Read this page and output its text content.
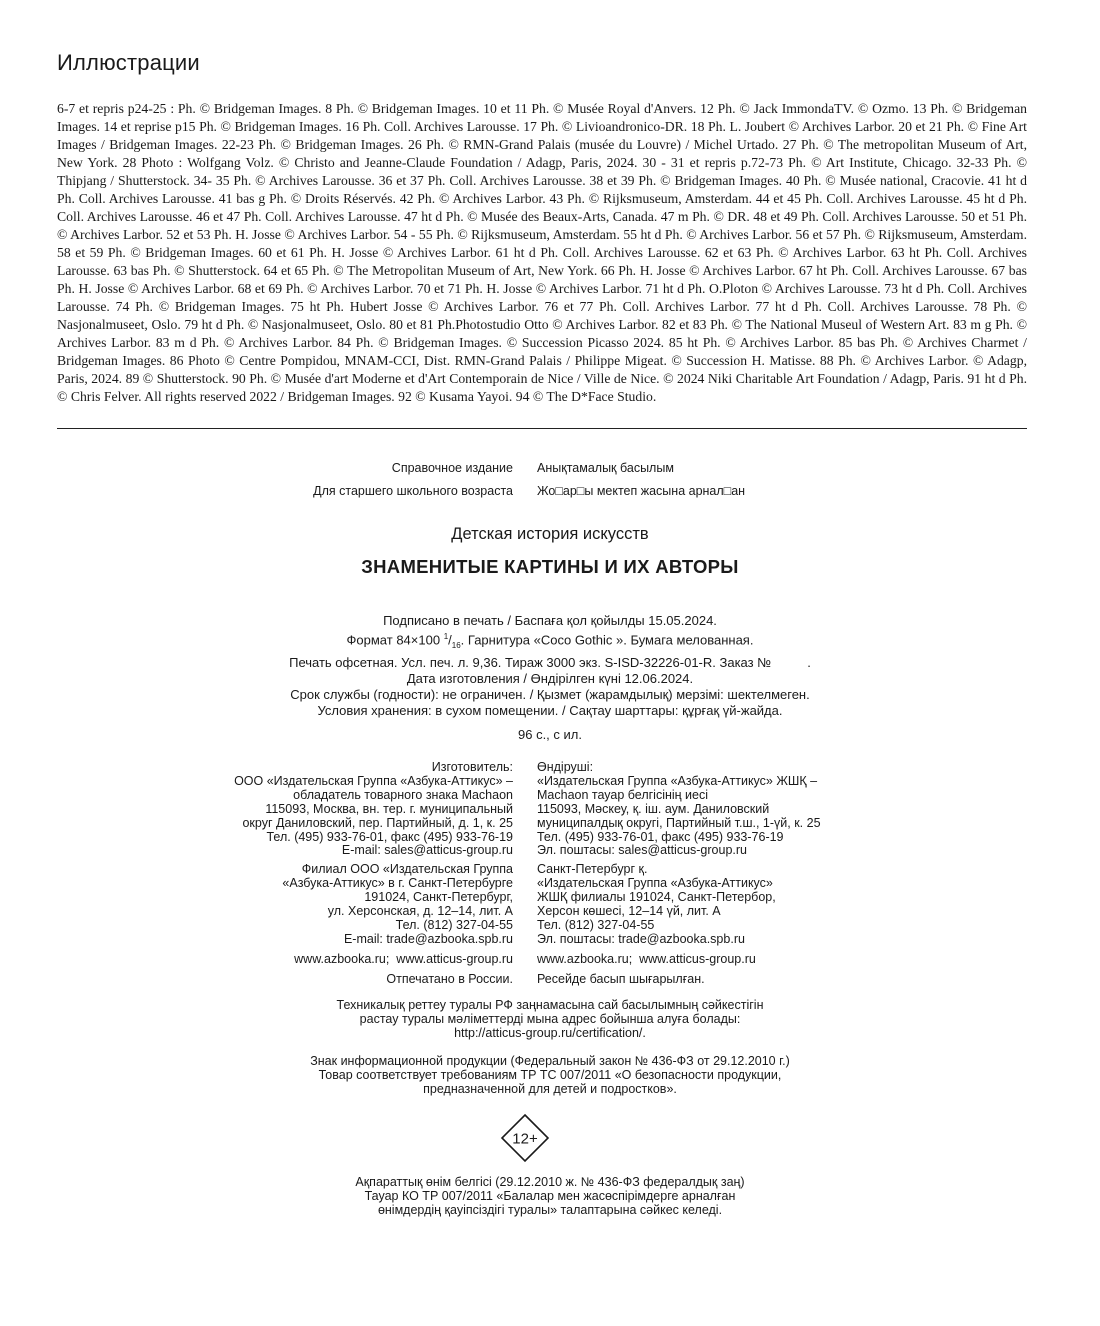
Иллюстрации
6-7 et repris p24-25 : Ph. © Bridgeman Images. 8 Ph. © Bridgeman Images. 10 et 11 Ph. © Musée Royal d'Anvers. 12 Ph. © Jack ImmondaTV. © Ozmo. 13 Ph. © Bridgeman Images. 14 et reprise p15 Ph. © Bridgeman Images. 16 Ph. Coll. Archives Larousse. 17 Ph. © Livioandronico-DR. 18 Ph. L. Joubert © Archives Larbor. 20 et 21 Ph. © Fine Art Images / Bridgeman Images. 22-23 Ph. © Bridgeman Images. 26 Ph. © RMN-Grand Palais (musée du Louvre) / Michel Urtado. 27 Ph. © The metropolitan Museum of Art, New York. 28 Photo : Wolfgang Volz. © Christo and Jeanne-Claude Foundation / Adagp, Paris, 2024. 30 - 31 et repris p.72-73 Ph. © Art Institute, Chicago. 32-33 Ph. © Thipjang / Shutterstock. 34- 35 Ph. © Archives Larousse. 36 et 37 Ph. Coll. Archives Larousse. 38 et 39 Ph. © Bridgeman Images. 40 Ph. © Musée national, Cracovie. 41 ht d Ph. Coll. Archives Larousse. 41 bas g Ph. © Droits Réservés. 42 Ph. © Archives Larbor. 43 Ph. © Rijksmuseum, Amsterdam. 44 et 45 Ph. Coll. Archives Larousse. 45 ht d Ph. Coll. Archives Larousse. 46 et 47 Ph. Coll. Archives Larousse. 47 ht d Ph. © Musée des Beaux-Arts, Canada. 47 m Ph. © DR. 48 et 49 Ph. Coll. Archives Larousse. 50 et 51 Ph. © Archives Larbor. 52 et 53 Ph. H. Josse © Archives Larbor. 54 - 55 Ph. © Rijksmuseum, Amsterdam. 55 ht d Ph. © Archives Larbor. 56 et 57 Ph. © Rijksmuseum, Amsterdam. 58 et 59 Ph. © Bridgeman Images. 60 et 61 Ph. H. Josse © Archives Larbor. 61 ht d Ph. Coll. Archives Larousse. 62 et 63 Ph. © Archives Larbor. 63 ht Ph. Coll. Archives Larousse. 63 bas Ph. © Shutterstock. 64 et 65 Ph. © The Metropolitan Museum of Art, New York. 66 Ph. H. Josse © Archives Larbor. 67 ht Ph. Coll. Archives Larousse. 67 bas Ph. H. Josse © Archives Larbor. 68 et 69 Ph. © Archives Larbor. 70 et 71 Ph. H. Josse © Archives Larbor. 71 ht d Ph. O.Ploton © Archives Larousse. 73 ht d Ph. Coll. Archives Larousse. 74 Ph. © Bridgeman Images. 75 ht Ph. Hubert Josse © Archives Larbor. 76 et 77 Ph. Coll. Archives Larbor. 77 ht d Ph. Coll. Archives Larousse. 78 Ph. © Nasjonalmuseet, Oslo. 79 ht d Ph. © Nasjonalmuseet, Oslo. 80 et 81 Ph.Photostudio Otto © Archives Larbor. 82 et 83 Ph. © The National Museul of Western Art. 83 m g Ph. © Archives Larbor. 83 m d Ph. © Archives Larbor. 84 Ph. © Bridgeman Images. © Succession Picasso 2024. 85 ht Ph. © Archives Larbor. 85 bas Ph. © Archives Charmet / Bridgeman Images. 86 Photo © Centre Pompidou, MNAM-CCI, Dist. RMN-Grand Palais / Philippe Migeat. © Succession H. Matisse. 88 Ph. © Archives Larbor. © Adagp, Paris, 2024. 89 © Shutterstock. 90 Ph. © Musée d'art Moderne et d'Art Contemporain de Nice / Ville de Nice. © 2024 Niki Charitable Art Foundation / Adagp, Paris. 91 ht d Ph. © Chris Felver. All rights reserved 2022 / Bridgeman Images. 92 © Kusama Yayoi. 94 © The D*Face Studio.
Справочное издание Анықтамалық басылым
Для старшего школьного возраста Жо□ар□ы мектеп жасына арнал□ан
Детская история искусств
ЗНАМЕНИТЫЕ КАРТИНЫ И ИХ АВТОРЫ
Подписано в печать / Баспаға қол қойылды 15.05.2024.
Формат 84×100 $^1/_{16}$. Гарнитура «Coco Gothic ». Бумага мелованная.
Печать офсетная. Усл. печ. л. 9,36. Тираж 3000 экз. S-ISD-32226-01-R. Заказ №          .
Дата изготовления / Өндірілген күні 12.06.2024.
Срок службы (годности): не ограничен. / Қызмет (жарамдылық) мерзімі: шектелмеген.
Условия хранения: в сухом помещении. / Сақтау шарттары: құрғақ үй-жайда.
96 с., с ил.
Изготовитель:
ООО «Издательская Группа «Азбука-Аттикус» –
обладатель товарного знака Machaon
115093, Москва, вн. тер. г. муниципальный
округ Даниловский, пер. Партийный, д. 1, к. 25
Тел. (495) 933-76-01, факс (495) 933-76-19
E-mail: sales@atticus-group.ru
Өндіруші:
«Издательская Группа «Азбука-Аттикус» ЖШҚ –
Machaon тауар белгісінің иесі
115093, Мәскеу, қ. іш. аум. Даниловский
муниципалдық округі, Партийный т.ш., 1-үй, к. 25
Тел. (495) 933-76-01, факс (495) 933-76-19
Эл. поштасы: sales@atticus-group.ru
Филиал ООО «Издательская Группа
«Азбука-Аттикус» в г. Санкт-Петербурге
191024, Санкт-Петербург,
ул. Херсонская, д. 12–14, лит. А
Тел. (812) 327-04-55
E-mail: trade@azbooka.spb.ru
Санкт-Петербург қ.
«Издательская Группа «Азбука-Аттикус»
ЖШҚ филиалы 191024, Санкт-Петербор,
Херсон көшесі, 12–14 үй, лит. А
Тел. (812) 327-04-55
Эл. поштасы: trade@azbooka.spb.ru
www.azbooka.ru;  www.atticus-group.ru www.azbooka.ru;  www.atticus-group.ru
Отпечатано в России. Ресейде басып шығарылған.
Техникалық реттеу туралы РФ заңнамасына сай басылымның сәйкестігін
растау туралы мәліметтерді мына адрес бойынша алуға болады:
http://atticus-group.ru/certification/.
Знак информационной продукции (Федеральный закон № 436-ФЗ от 29.12.2010 г.)
Товар соответствует требованиям ТР ТС 007/2011 «О безопасности продукции,
предназначенной для детей и подростков».
12+
Ақпараттық өнім белгісі (29.12.2010 ж. № 436-ФЗ федералдық заң)
Тауар КО ТР 007/2011 «Балалар мен жасөспірімдерге арналған
өнімдердің қауіпсіздігі туралы» талаптарына сәйкес келеді.
